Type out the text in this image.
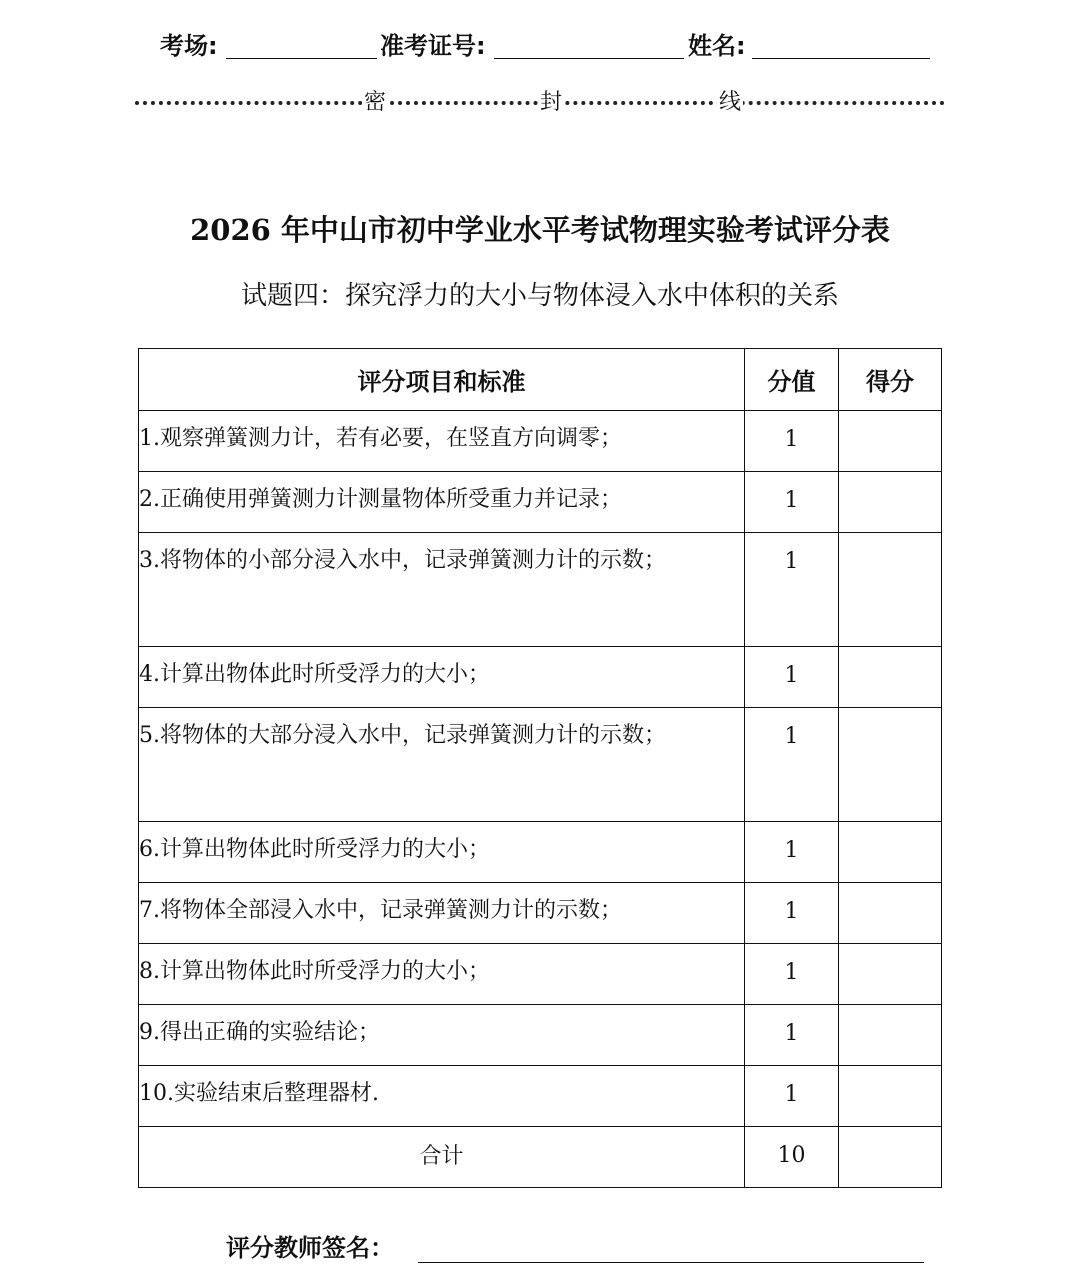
考场:	准考证号:	姓名:
密	封	线
2026 年中山市初中学业水平考试物理实验考试评分表
试题四：探究浮力的大小与物体浸入水中体积的关系
评分项目和标准	分值	得分

1.观察弹簧测力计，若有必要，在竖直方向调零；	1	

2.正确使用弹簧测力计测量物体所受重力并记录；	1	

3.将物体的小部分浸入水中，记录弹簧测力计的示数；	1	

4.计算出物体此时所受浮力的大小；	1	

5.将物体的大部分浸入水中，记录弹簧测力计的示数；	1	

6.计算出物体此时所受浮力的大小；	1	

7.将物体全部浸入水中，记录弹簧测力计的示数；	1	

8.计算出物体此时所受浮力的大小；	1	

9.得出正确的实验结论；	1	

10.实验结束后整理器材.	1	
合计	10	
评分教师签名：
